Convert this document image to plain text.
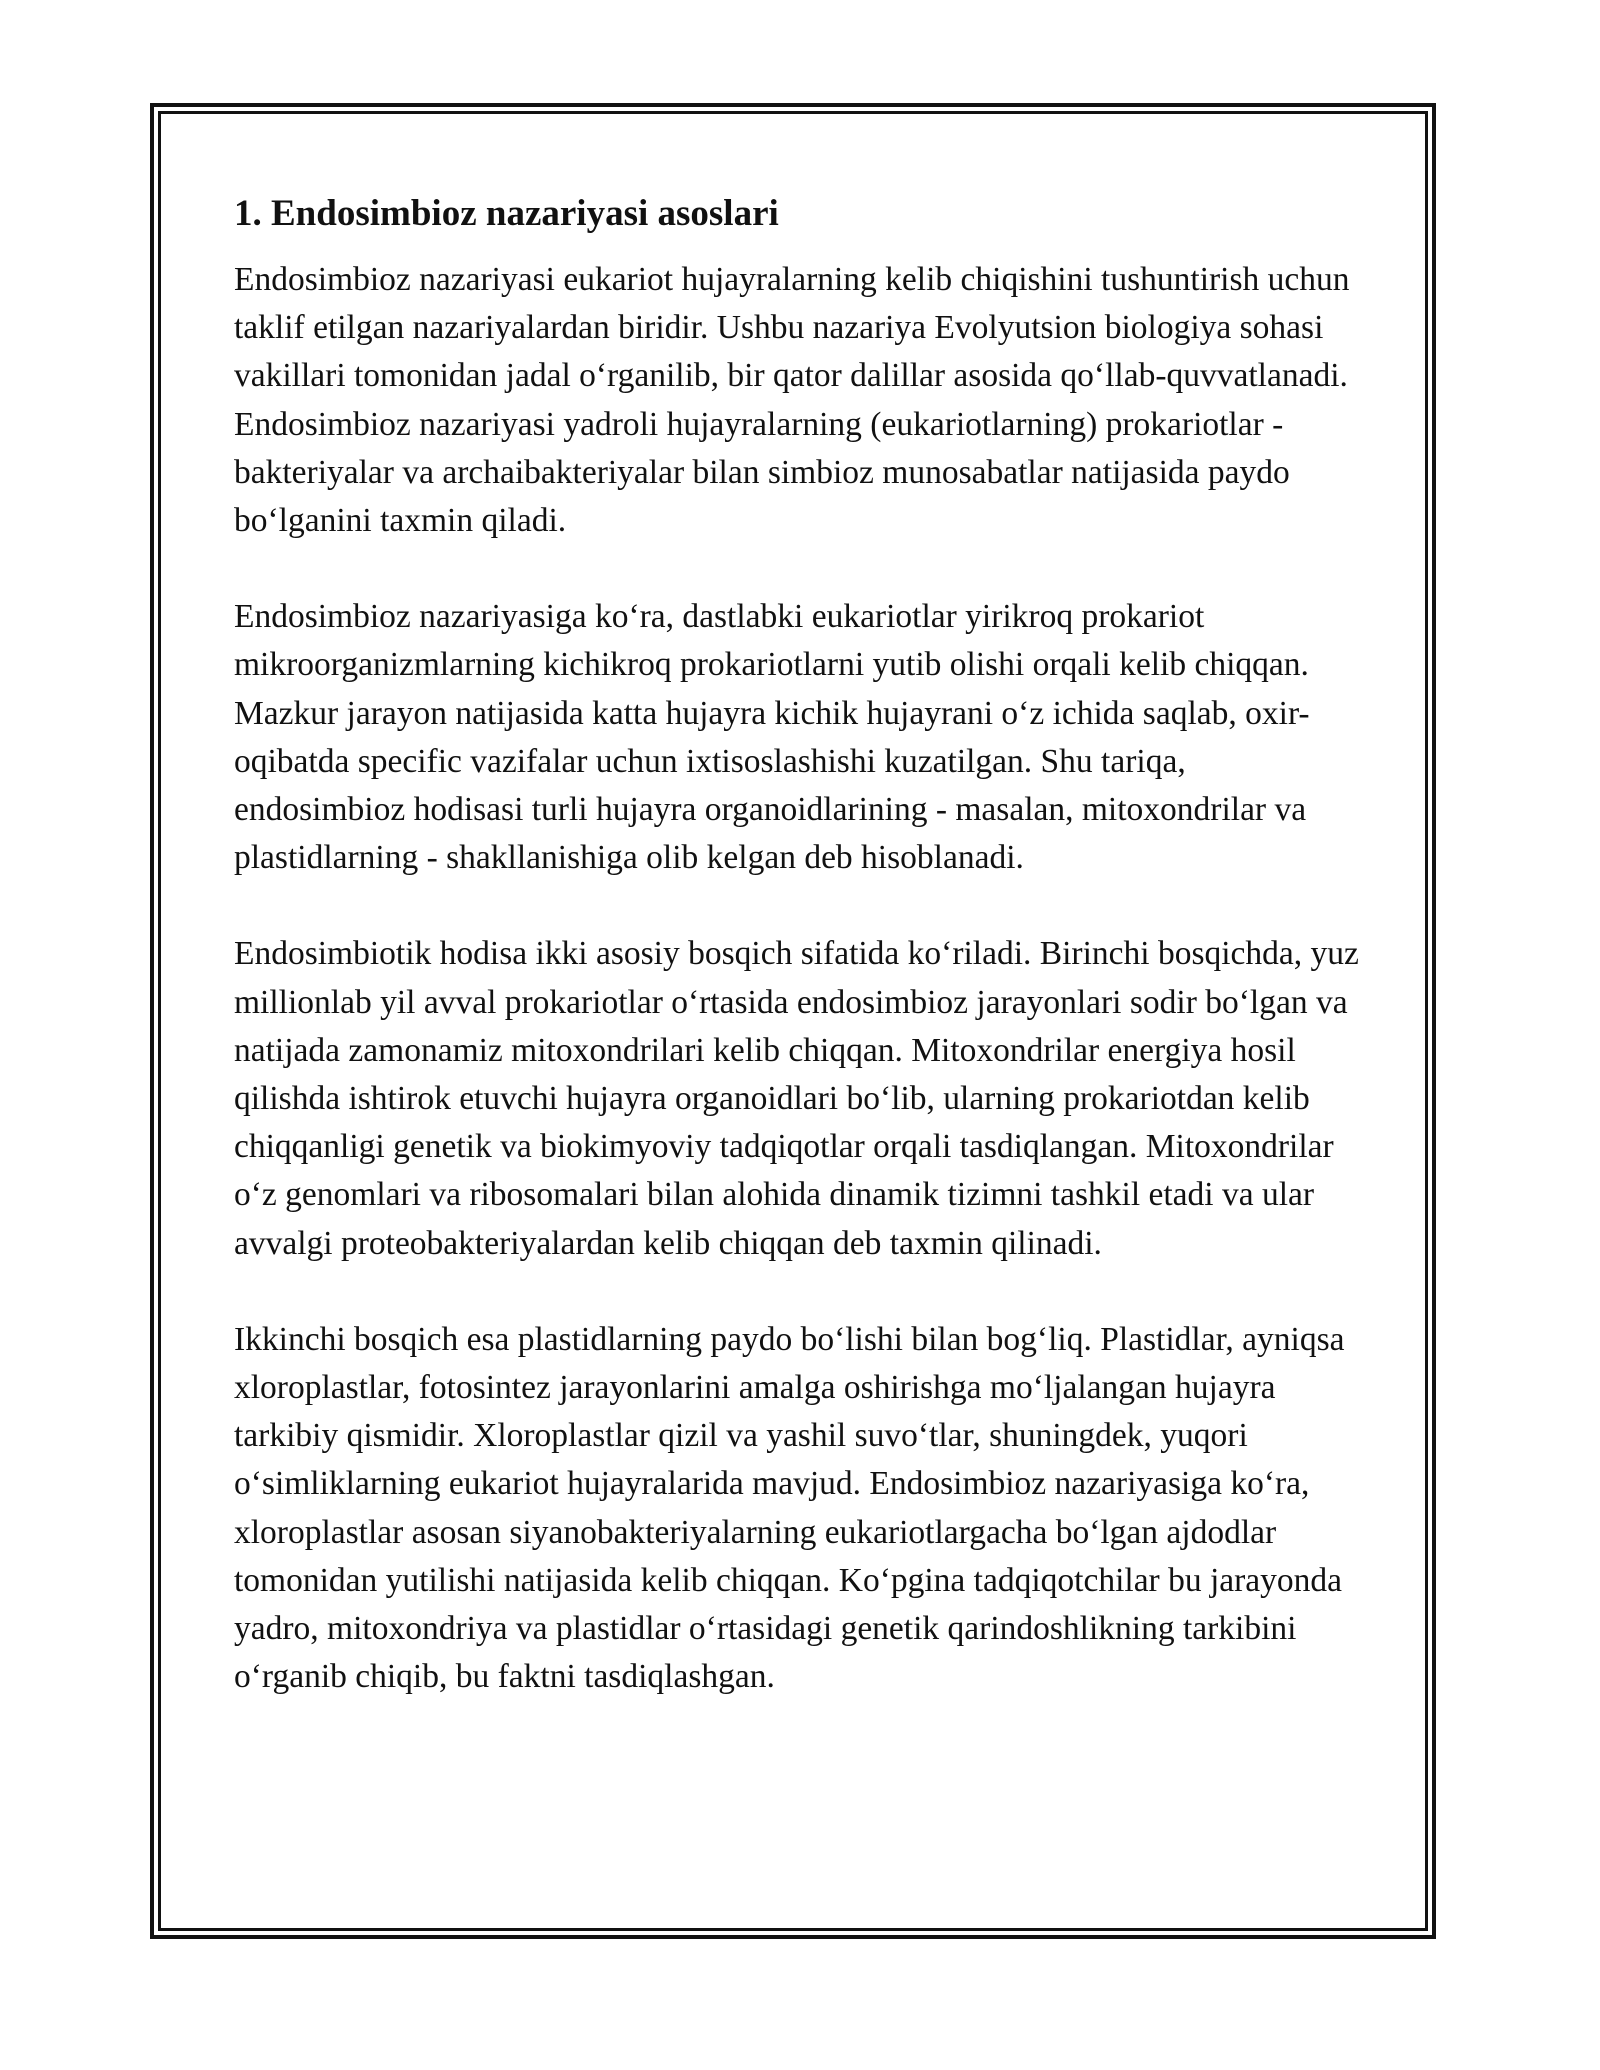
1. Endosimbioz nazariyasi asoslari

Endosimbioz nazariyasi eukariot hujayralarning kelib chiqishini tushuntirish uchun taklif etilgan nazariyalardan biridir. Ushbu nazariya Evolyutsion biologiya sohasi vakillari tomonidan jadal o‘rganilib, bir qator dalillar asosida qo‘llab-quvvatlanadi. Endosimbioz nazariyasi yadroli hujayralarning (eukariotlarning) prokariotlar - bakteriyalar va archaibakteriyalar bilan simbioz munosabatlar natijasida paydo bo‘lganini taxmin qiladi.

Endosimbioz nazariyasiga ko‘ra, dastlabki eukariotlar yirikroq prokariot mikroorganizmlarning kichikroq prokariotlarni yutib olishi orqali kelib chiqqan. Mazkur jarayon natijasida katta hujayra kichik hujayrani o‘z ichida saqlab, oxir-oqibatda specific vazifalar uchun ixtisoslashishi kuzatilgan. Shu tariqa, endosimbioz hodisasi turli hujayra organoidlarining - masalan, mitoxondrilar va plastidlarning - shakllanishiga olib kelgan deb hisoblanadi.

Endosimbiotik hodisa ikki asosiy bosqich sifatida ko‘riladi. Birinchi bosqichda, yuz millionlab yil avval prokariotlar o‘rtasida endosimbioz jarayonlari sodir bo‘lgan va natijada zamonamiz mitoxondrilari kelib chiqqan. Mitoxondrilar energiya hosil qilishda ishtirok etuvchi hujayra organoidlari bo‘lib, ularning prokariotdan kelib chiqqanligi genetik va biokimyoviy tadqiqotlar orqali tasdiqlangan. Mitoxondrilar o‘z genomlari va ribosomalari bilan alohida dinamik tizimni tashkil etadi va ular avvalgi proteobakteriyalardan kelib chiqqan deb taxmin qilinadi.

Ikkinchi bosqich esa plastidlarning paydo bo‘lishi bilan bog‘liq. Plastidlar, ayniqsa xloroplastlar, fotosintez jarayonlarini amalga oshirishga mo‘ljalangan hujayra tarkibiy qismidir. Xloroplastlar qizil va yashil suvo‘tlar, shuningdek, yuqori o‘simliklarning eukariot hujayralarida mavjud. Endosimbioz nazariyasiga ko‘ra, xloroplastlar asosan siyanobakteriyalarning eukariotlargacha bo‘lgan ajdodlar tomonidan yutilishi natijasida kelib chiqqan. Ko‘pgina tadqiqotchilar bu jarayonda yadro, mitoxondriya va plastidlar o‘rtasidagi genetik qarindoshlikning tarkibini o‘rganib chiqib, bu faktni tasdiqlashgan.
